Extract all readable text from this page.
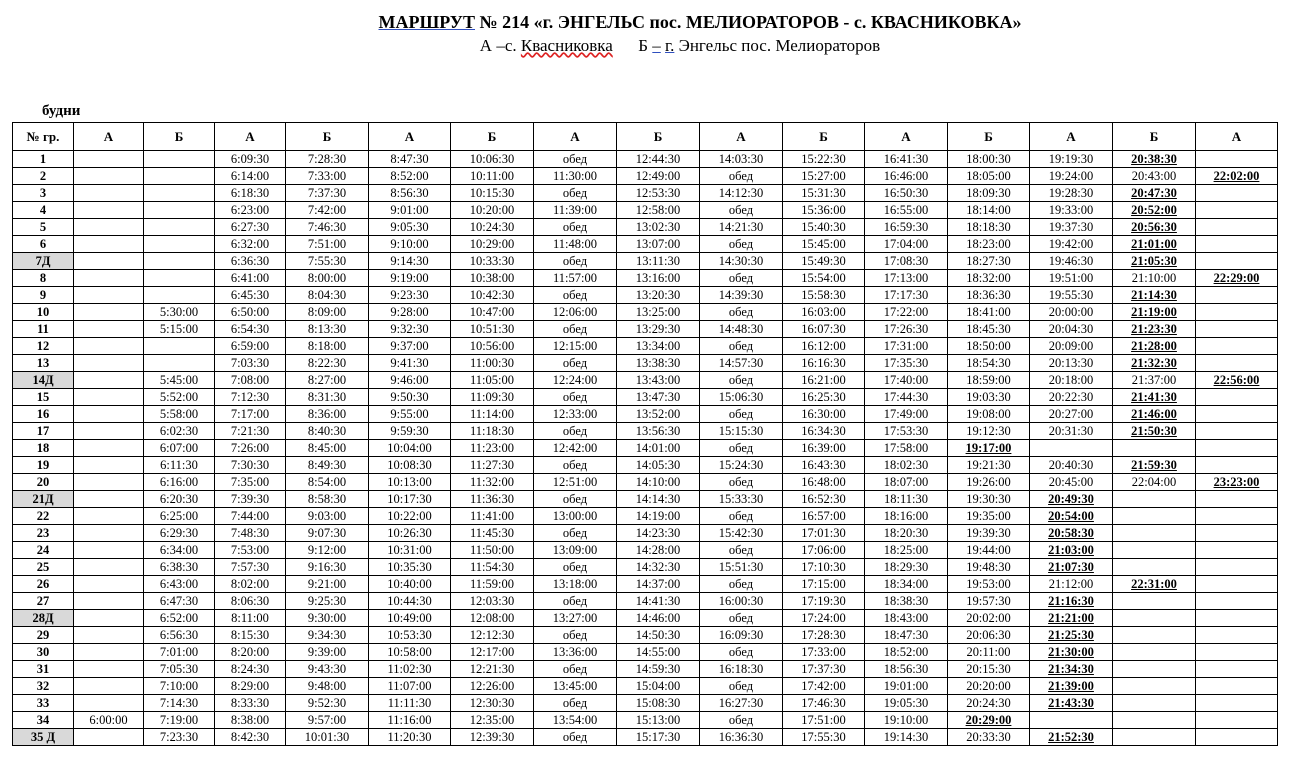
МАРШРУТ № 214 «г. ЭНГЕЛЬС пос. МЕЛИОРАТОРОВ - с. КВАСНИКОВКА»
А –с. Квасниковка Б – г. Энгельс пос. Мелиораторов
будни
№ гр.	А	Б	А	Б	А	Б	А	Б	А	Б	А	Б	А	Б	А
1			6:09:30	7:28:30	8:47:30	10:06:30	обед	12:44:30	14:03:30	15:22:30	16:41:30	18:00:30	19:19:30	20:38:30	
2			6:14:00	7:33:00	8:52:00	10:11:00	11:30:00	12:49:00	обед	15:27:00	16:46:00	18:05:00	19:24:00	20:43:00	22:02:00
3			6:18:30	7:37:30	8:56:30	10:15:30	обед	12:53:30	14:12:30	15:31:30	16:50:30	18:09:30	19:28:30	20:47:30	
4			6:23:00	7:42:00	9:01:00	10:20:00	11:39:00	12:58:00	обед	15:36:00	16:55:00	18:14:00	19:33:00	20:52:00	
5			6:27:30	7:46:30	9:05:30	10:24:30	обед	13:02:30	14:21:30	15:40:30	16:59:30	18:18:30	19:37:30	20:56:30	
6			6:32:00	7:51:00	9:10:00	10:29:00	11:48:00	13:07:00	обед	15:45:00	17:04:00	18:23:00	19:42:00	21:01:00	
7Д			6:36:30	7:55:30	9:14:30	10:33:30	обед	13:11:30	14:30:30	15:49:30	17:08:30	18:27:30	19:46:30	21:05:30	
8			6:41:00	8:00:00	9:19:00	10:38:00	11:57:00	13:16:00	обед	15:54:00	17:13:00	18:32:00	19:51:00	21:10:00	22:29:00
9			6:45:30	8:04:30	9:23:30	10:42:30	обед	13:20:30	14:39:30	15:58:30	17:17:30	18:36:30	19:55:30	21:14:30	
10		5:30:00	6:50:00	8:09:00	9:28:00	10:47:00	12:06:00	13:25:00	обед	16:03:00	17:22:00	18:41:00	20:00:00	21:19:00	
11		5:15:00	6:54:30	8:13:30	9:32:30	10:51:30	обед	13:29:30	14:48:30	16:07:30	17:26:30	18:45:30	20:04:30	21:23:30	
12			6:59:00	8:18:00	9:37:00	10:56:00	12:15:00	13:34:00	обед	16:12:00	17:31:00	18:50:00	20:09:00	21:28:00	
13			7:03:30	8:22:30	9:41:30	11:00:30	обед	13:38:30	14:57:30	16:16:30	17:35:30	18:54:30	20:13:30	21:32:30	
14Д		5:45:00	7:08:00	8:27:00	9:46:00	11:05:00	12:24:00	13:43:00	обед	16:21:00	17:40:00	18:59:00	20:18:00	21:37:00	22:56:00
15		5:52:00	7:12:30	8:31:30	9:50:30	11:09:30	обед	13:47:30	15:06:30	16:25:30	17:44:30	19:03:30	20:22:30	21:41:30	
16		5:58:00	7:17:00	8:36:00	9:55:00	11:14:00	12:33:00	13:52:00	обед	16:30:00	17:49:00	19:08:00	20:27:00	21:46:00	
17		6:02:30	7:21:30	8:40:30	9:59:30	11:18:30	обед	13:56:30	15:15:30	16:34:30	17:53:30	19:12:30	20:31:30	21:50:30	
18		6:07:00	7:26:00	8:45:00	10:04:00	11:23:00	12:42:00	14:01:00	обед	16:39:00	17:58:00	19:17:00			
19		6:11:30	7:30:30	8:49:30	10:08:30	11:27:30	обед	14:05:30	15:24:30	16:43:30	18:02:30	19:21:30	20:40:30	21:59:30	
20		6:16:00	7:35:00	8:54:00	10:13:00	11:32:00	12:51:00	14:10:00	обед	16:48:00	18:07:00	19:26:00	20:45:00	22:04:00	23:23:00
21Д		6:20:30	7:39:30	8:58:30	10:17:30	11:36:30	обед	14:14:30	15:33:30	16:52:30	18:11:30	19:30:30	20:49:30		
22		6:25:00	7:44:00	9:03:00	10:22:00	11:41:00	13:00:00	14:19:00	обед	16:57:00	18:16:00	19:35:00	20:54:00		
23		6:29:30	7:48:30	9:07:30	10:26:30	11:45:30	обед	14:23:30	15:42:30	17:01:30	18:20:30	19:39:30	20:58:30		
24		6:34:00	7:53:00	9:12:00	10:31:00	11:50:00	13:09:00	14:28:00	обед	17:06:00	18:25:00	19:44:00	21:03:00		
25		6:38:30	7:57:30	9:16:30	10:35:30	11:54:30	обед	14:32:30	15:51:30	17:10:30	18:29:30	19:48:30	21:07:30		
26		6:43:00	8:02:00	9:21:00	10:40:00	11:59:00	13:18:00	14:37:00	обед	17:15:00	18:34:00	19:53:00	21:12:00	22:31:00	
27		6:47:30	8:06:30	9:25:30	10:44:30	12:03:30	обед	14:41:30	16:00:30	17:19:30	18:38:30	19:57:30	21:16:30		
28Д		6:52:00	8:11:00	9:30:00	10:49:00	12:08:00	13:27:00	14:46:00	обед	17:24:00	18:43:00	20:02:00	21:21:00		
29		6:56:30	8:15:30	9:34:30	10:53:30	12:12:30	обед	14:50:30	16:09:30	17:28:30	18:47:30	20:06:30	21:25:30		
30		7:01:00	8:20:00	9:39:00	10:58:00	12:17:00	13:36:00	14:55:00	обед	17:33:00	18:52:00	20:11:00	21:30:00		
31		7:05:30	8:24:30	9:43:30	11:02:30	12:21:30	обед	14:59:30	16:18:30	17:37:30	18:56:30	20:15:30	21:34:30		
32		7:10:00	8:29:00	9:48:00	11:07:00	12:26:00	13:45:00	15:04:00	обед	17:42:00	19:01:00	20:20:00	21:39:00		
33		7:14:30	8:33:30	9:52:30	11:11:30	12:30:30	обед	15:08:30	16:27:30	17:46:30	19:05:30	20:24:30	21:43:30		
34	6:00:00	7:19:00	8:38:00	9:57:00	11:16:00	12:35:00	13:54:00	15:13:00	обед	17:51:00	19:10:00	20:29:00			
35 Д		7:23:30	8:42:30	10:01:30	11:20:30	12:39:30	обед	15:17:30	16:36:30	17:55:30	19:14:30	20:33:30	21:52:30		
